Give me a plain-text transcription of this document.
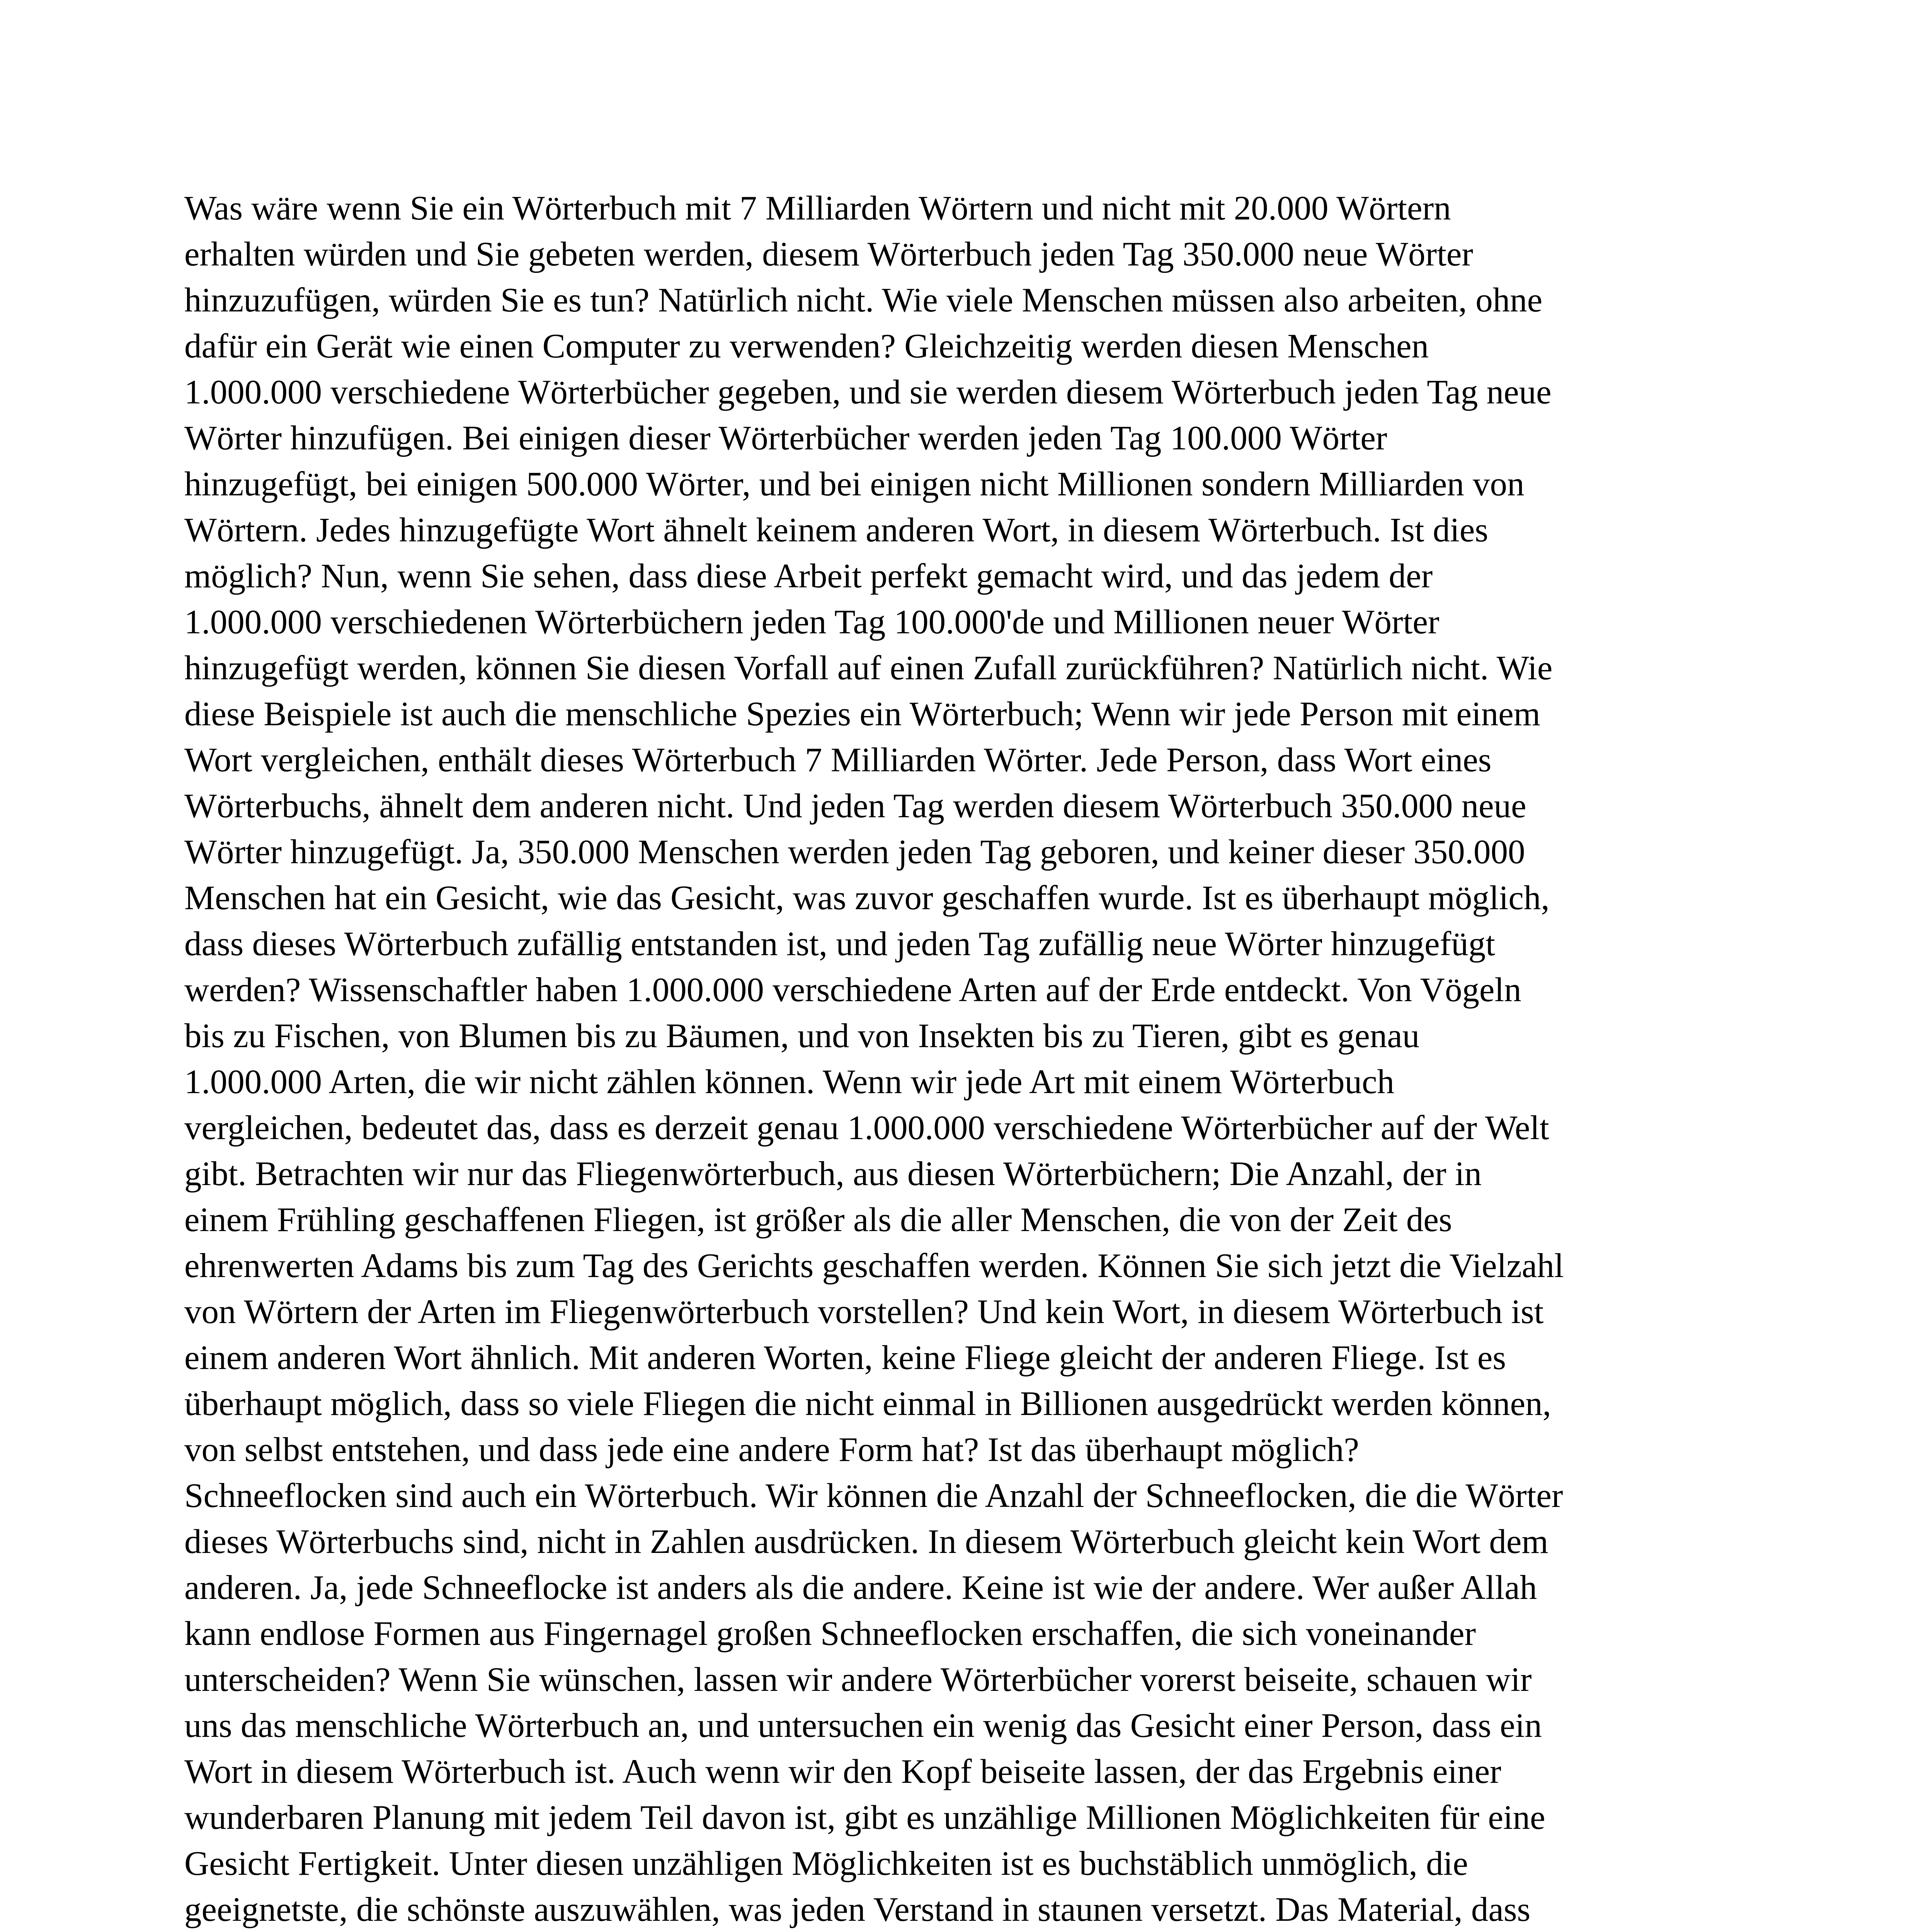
Was wäre wenn Sie ein Wörterbuch mit 7 Milliarden Wörtern und nicht mit 20.000 Wörtern
erhalten würden und Sie gebeten werden, diesem Wörterbuch jeden Tag 350.000 neue Wörter
hinzuzufügen, würden Sie es tun? Natürlich nicht. Wie viele Menschen müssen also arbeiten, ohne
dafür ein Gerät wie einen Computer zu verwenden? Gleichzeitig werden diesen Menschen
1.000.000 verschiedene Wörterbücher gegeben, und sie werden diesem Wörterbuch jeden Tag neue
Wörter hinzufügen. Bei einigen dieser Wörterbücher werden jeden Tag 100.000 Wörter
hinzugefügt, bei einigen 500.000 Wörter, und bei einigen nicht Millionen sondern Milliarden von
Wörtern. Jedes hinzugefügte Wort ähnelt keinem anderen Wort, in diesem Wörterbuch. Ist dies
möglich? Nun, wenn Sie sehen, dass diese Arbeit perfekt gemacht wird, und das jedem der
1.000.000 verschiedenen Wörterbüchern jeden Tag 100.000'de und Millionen neuer Wörter
hinzugefügt werden, können Sie diesen Vorfall auf einen Zufall zurückführen? Natürlich nicht. Wie
diese Beispiele ist auch die menschliche Spezies ein Wörterbuch; Wenn wir jede Person mit einem
Wort vergleichen, enthält dieses Wörterbuch 7 Milliarden Wörter. Jede Person, dass Wort eines
Wörterbuchs, ähnelt dem anderen nicht. Und jeden Tag werden diesem Wörterbuch 350.000 neue
Wörter hinzugefügt. Ja, 350.000 Menschen werden jeden Tag geboren, und keiner dieser 350.000
Menschen hat ein Gesicht, wie das Gesicht, was zuvor geschaffen wurde. Ist es überhaupt möglich,
dass dieses Wörterbuch zufällig entstanden ist, und jeden Tag zufällig neue Wörter hinzugefügt
werden? Wissenschaftler haben 1.000.000 verschiedene Arten auf der Erde entdeckt. Von Vögeln
bis zu Fischen, von Blumen bis zu Bäumen, und von Insekten bis zu Tieren, gibt es genau
1.000.000 Arten, die wir nicht zählen können. Wenn wir jede Art mit einem Wörterbuch
vergleichen, bedeutet das, dass es derzeit genau 1.000.000 verschiedene Wörterbücher auf der Welt
gibt. Betrachten wir nur das Fliegenwörterbuch, aus diesen Wörterbüchern; Die Anzahl, der in
einem Frühling geschaffenen Fliegen, ist größer als die aller Menschen, die von der Zeit des
ehrenwerten Adams bis zum Tag des Gerichts geschaffen werden. Können Sie sich jetzt die Vielzahl
von Wörtern der Arten im Fliegenwörterbuch vorstellen? Und kein Wort, in diesem Wörterbuch ist
einem anderen Wort ähnlich. Mit anderen Worten, keine Fliege gleicht der anderen Fliege. Ist es
überhaupt möglich, dass so viele Fliegen die nicht einmal in Billionen ausgedrückt werden können,
von selbst entstehen, und dass jede eine andere Form hat? Ist das überhaupt möglich?
Schneeflocken sind auch ein Wörterbuch. Wir können die Anzahl der Schneeflocken, die die Wörter
dieses Wörterbuchs sind, nicht in Zahlen ausdrücken. In diesem Wörterbuch gleicht kein Wort dem
anderen. Ja, jede Schneeflocke ist anders als die andere. Keine ist wie der andere. Wer außer Allah
kann endlose Formen aus Fingernagel großen Schneeflocken erschaffen, die sich voneinander
unterscheiden? Wenn Sie wünschen, lassen wir andere Wörterbücher vorerst beiseite, schauen wir
uns das menschliche Wörterbuch an, und untersuchen ein wenig das Gesicht einer Person, dass ein
Wort in diesem Wörterbuch ist. Auch wenn wir den Kopf beiseite lassen, der das Ergebnis einer
wunderbaren Planung mit jedem Teil davon ist, gibt es unzählige Millionen Möglichkeiten für eine
Gesicht Fertigkeit. Unter diesen unzähligen Möglichkeiten ist es buchstäblich unmöglich, die
geeignetste, die schönste auszuwählen, was jeden Verstand in staunen versetzt. Das Material, dass
